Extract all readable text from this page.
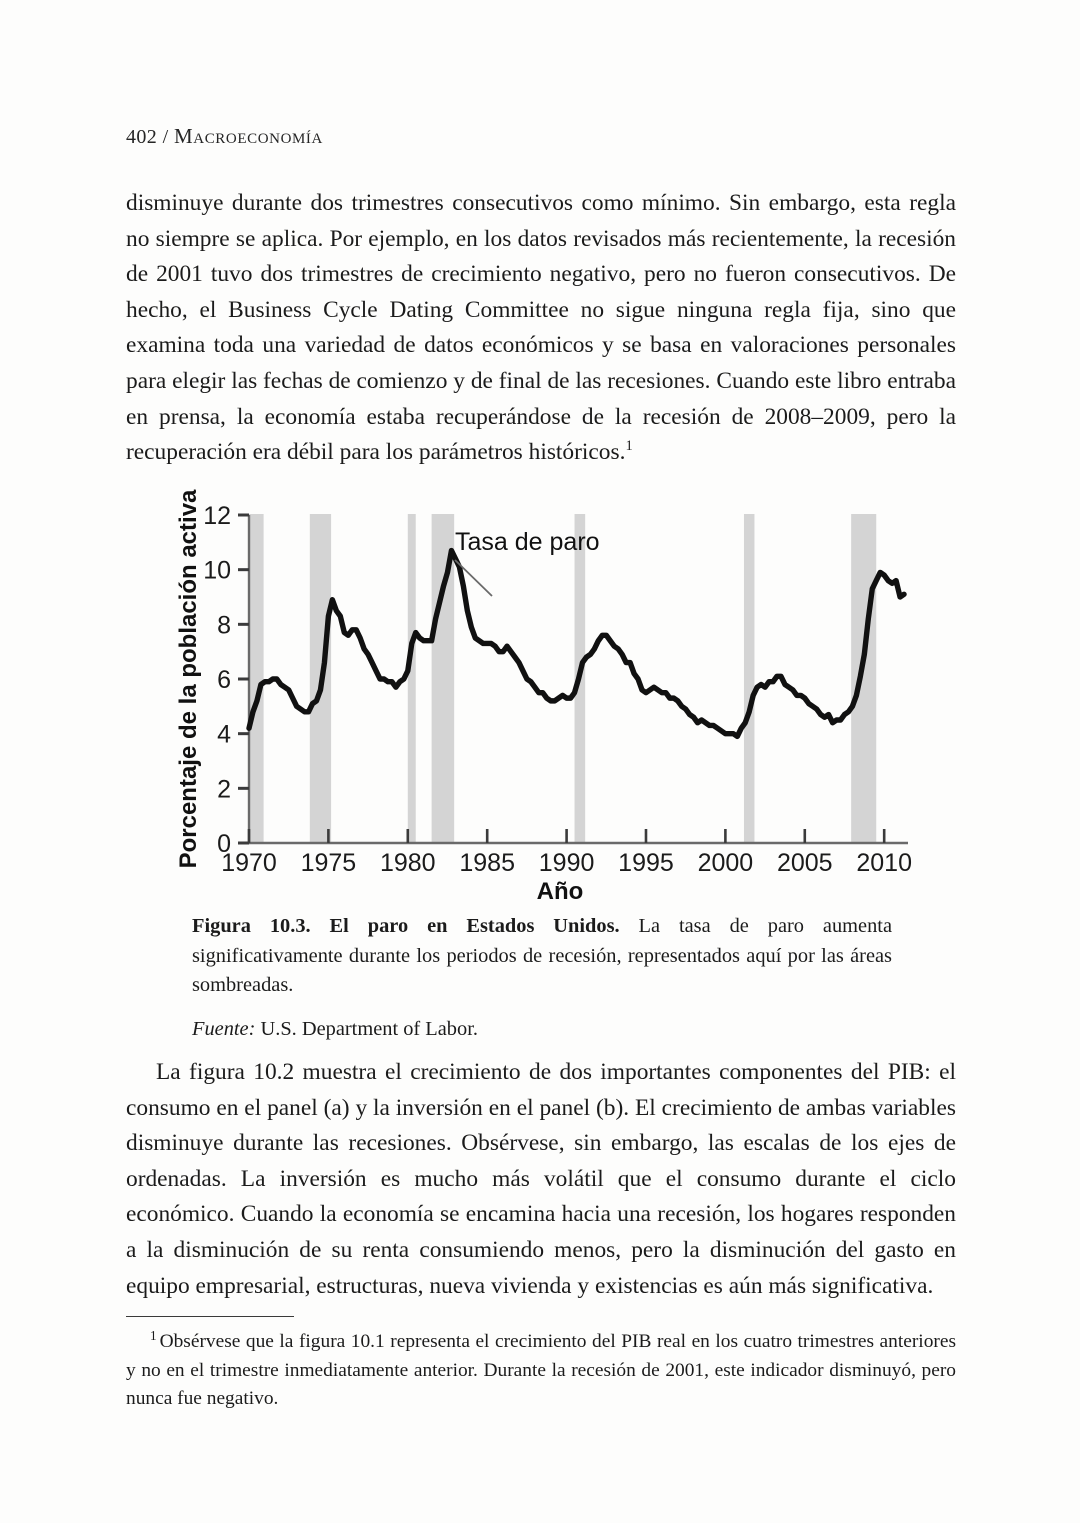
402 / Macroeconomía

disminuye durante dos trimestres consecutivos como mínimo. Sin embargo, esta regla no siempre se aplica. Por ejemplo, en los datos revisados más recientemente, la recesión de 2001 tuvo dos trimestres de crecimiento negativo, pero no fueron consecutivos. De hecho, el Business Cycle Dating Committee no sigue ninguna regla fija, sino que examina toda una variedad de datos económicos y se basa en valoraciones personales para elegir las fechas de comienzo y de final de las recesiones. Cuando este libro entraba en prensa, la economía estaba recuperándose de la recesión de 2008–2009, pero la recuperación era débil para los parámetros históricos.$^1$

0
2
4
6
8
10
12
1970 1975 1980 1985 1990 1995 2000 2005 2010
Tasa de paro
Porcentaje de la población activa
Año

Figura 10.3. El paro en Estados Unidos. La tasa de paro aumenta significativamente durante los periodos de recesión, representados aquí por las áreas sombreadas.

Fuente: U.S. Department of Labor.

La figura 10.2 muestra el crecimiento de dos importantes componentes del PIB: el consumo en el panel (a) y la inversión en el panel (b). El crecimiento de ambas variables disminuye durante las recesiones. Obsérvese, sin embargo, las escalas de los ejes de ordenadas. La inversión es mucho más volátil que el consumo durante el ciclo económico. Cuando la economía se encamina hacia una recesión, los hogares responden a la disminución de su renta consumiendo menos, pero la disminución del gasto en equipo empresarial, estructuras, nueva vivienda y existencias es aún más significativa.

$^1$ Obsérvese que la figura 10.1 representa el crecimiento del PIB real en los cuatro trimestres anteriores y no en el trimestre inmediatamente anterior. Durante la recesión de 2001, este indicador disminuyó, pero nunca fue negativo.
